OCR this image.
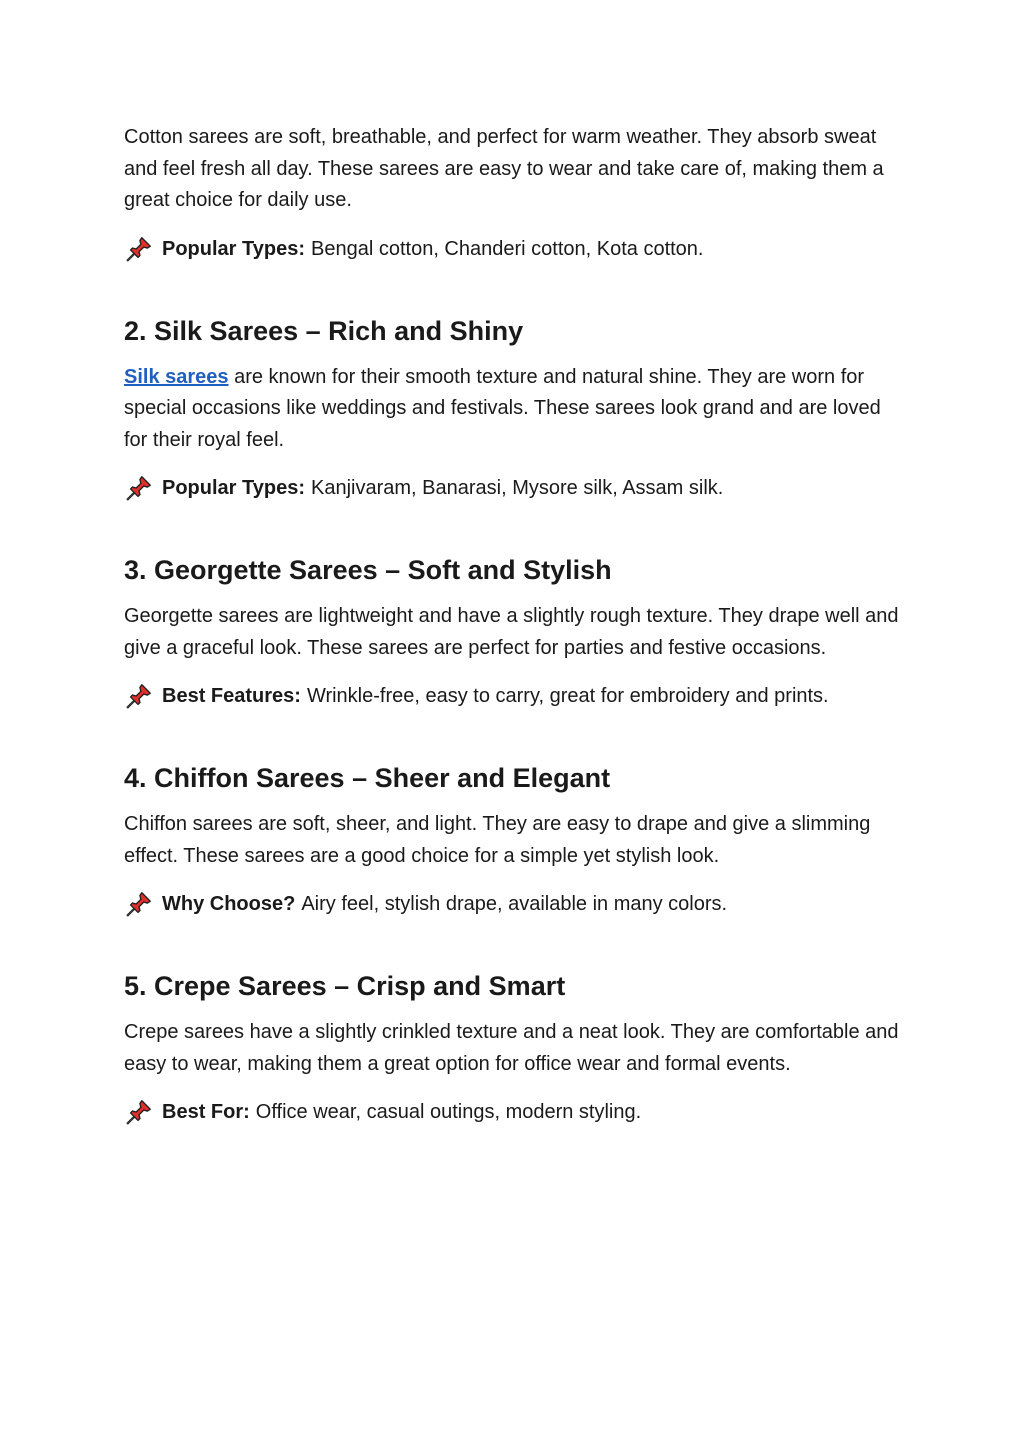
Cotton sarees are soft, breathable, and perfect for warm weather. They absorb sweat and feel fresh all day. These sarees are easy to wear and take care of, making them a great choice for daily use.

Popular Types: Bengal cotton, Chanderi cotton, Kota cotton.
2. Silk Sarees – Rich and Shiny

Silk sarees are known for their smooth texture and natural shine. They are worn for special occasions like weddings and festivals. These sarees look grand and are loved for their royal feel.

Popular Types: Kanjivaram, Banarasi, Mysore silk, Assam silk.
3. Georgette Sarees – Soft and Stylish

Georgette sarees are lightweight and have a slightly rough texture. They drape well and give a graceful look. These sarees are perfect for parties and festive occasions.

Best Features: Wrinkle-free, easy to carry, great for embroidery and prints.
4. Chiffon Sarees – Sheer and Elegant

Chiffon sarees are soft, sheer, and light. They are easy to drape and give a slimming effect. These sarees are a good choice for a simple yet stylish look.

Why Choose? Airy feel, stylish drape, available in many colors.
5. Crepe Sarees – Crisp and Smart

Crepe sarees have a slightly crinkled texture and a neat look. They are comfortable and easy to wear, making them a great option for office wear and formal events.

Best For: Office wear, casual outings, modern styling.
